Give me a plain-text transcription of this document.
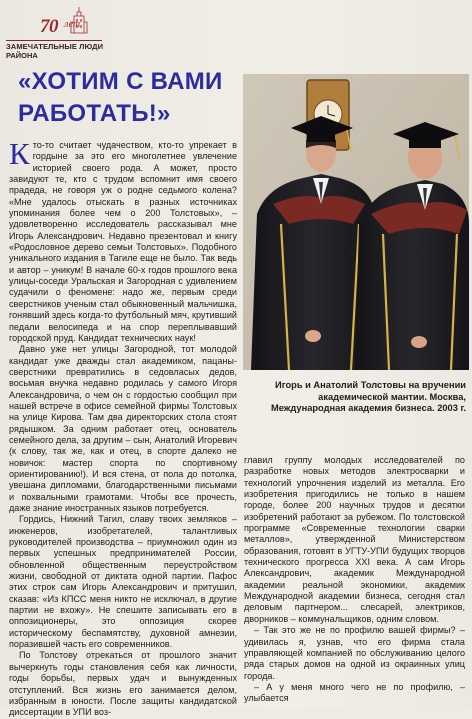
70 лет
ЗАМЕЧАТЕЛЬНЫЕ ЛЮДИ
РАЙОНА
«ХОТИМ С ВАМИ
РАБОТАТЬ!»

Кто-то считает чудачеством, кто-то упрекает в гордыне за это его многолетнее увлечение историей своего рода. А может, просто завидуют те, кто с трудом вспомнит имя своего прадеда, не говоря уж о родне седьмого колена? «Мне удалось отыскать в разных источниках упоминания более чем о 200 Толстовых», – удовлетворенно исследователь рассказывал мне Игорь Александрович. Недавно презентовал и книгу «Родословное дерево семьи Толстовых». Подобного уникального издания в Тагиле еще не было. Так ведь и автор – уникум! В начале 60-х годов прошлого века улицы-соседи Уральская и Загородная с удивлением судачили о феномене: надо же, первым среди сверстников ученым стал обыкновенный мальчишка, гонявший здесь когда-то футбольный мяч, крутивший педали велосипеда и на спор переплывавший городской пруд. Кандидат технических наук!

Давно уже нет улицы Загородной, тот молодой кандидат уже дважды стал академиком, пацаны-сверстники превратились в седовласых дедов, восьмая внучка недавно родилась у самого Игоря Александровича, о чем он с гордостью сообщил при нашей встрече в офисе семейной фирмы Толстовых на улице Кирова. Там два директорских стола стоят рядышком. За одним работает отец, основатель семейного дела, за другим – сын, Анатолий Игоревич (к слову, так же, как и отец, в спорте далеко не новичок: мастер спорта по спортивному ориентированию!). И вся стена, от пола до потолка, увешана дипломами, благодарственными письмами и похвальными грамотами. Чтобы все прочесть, даже знание иностранных языков потребуется.

Гордись, Нижний Тагил, славу твоих земляков – инженеров, изобретателей, талантливых руководителей производства – приумножил один из первых успешных предпринимателей России, обновленной общественным переустройством жизни, свободной от диктата одной партии. Пафос этих строк сам Игорь Александрович и притушил, сказав: «Из КПСС меня никто не исключал, в другие партии не вхожу». Не спешите записывать его в оппозиционеры, это оппозиция скорее историческому беспамятству, духовной амнезии, поразившей часть его современников.

По Толстову отрекаться от прошлого значит вычеркнуть годы становления себя как личности, годы борьбы, первых удач и вынужденных отступлений. Вся жизнь его занимается делом, избранным в юности. После защиты кандидатской диссертации в УПИ воз-

Игорь и Анатолий Толстовы на вручении академической мантии. Москва, Международная академия бизнеса. 2003 г.

главил группу молодых исследователей по разработке новых методов электросварки и технологий упрочнения изделий из металла. Его изобретения пригодились не только в нашем городе, более 200 научных трудов и десятки изобретений работают за рубежом. По толстовской программе «Современные технологии сварки металлов», утвержденной Министерством образования, готовят в УГТУ-УПИ будущих творцов технического прогресса XXI века. А сам Игорь Александрович, академик Международной академии реальной экономики, академик Международной академии бизнеса, сегодня стал деловым партнером... слесарей, электриков, дворников – коммунальщиков, одним словом.

– Так это же не по профилю вашей фирмы? – удивилась я, узнав, что его фирма стала управляющей компанией по обслуживанию целого ряда старых домов на одной из окраинных улиц города.

– А у меня много чего не по профилю, – улыбается
